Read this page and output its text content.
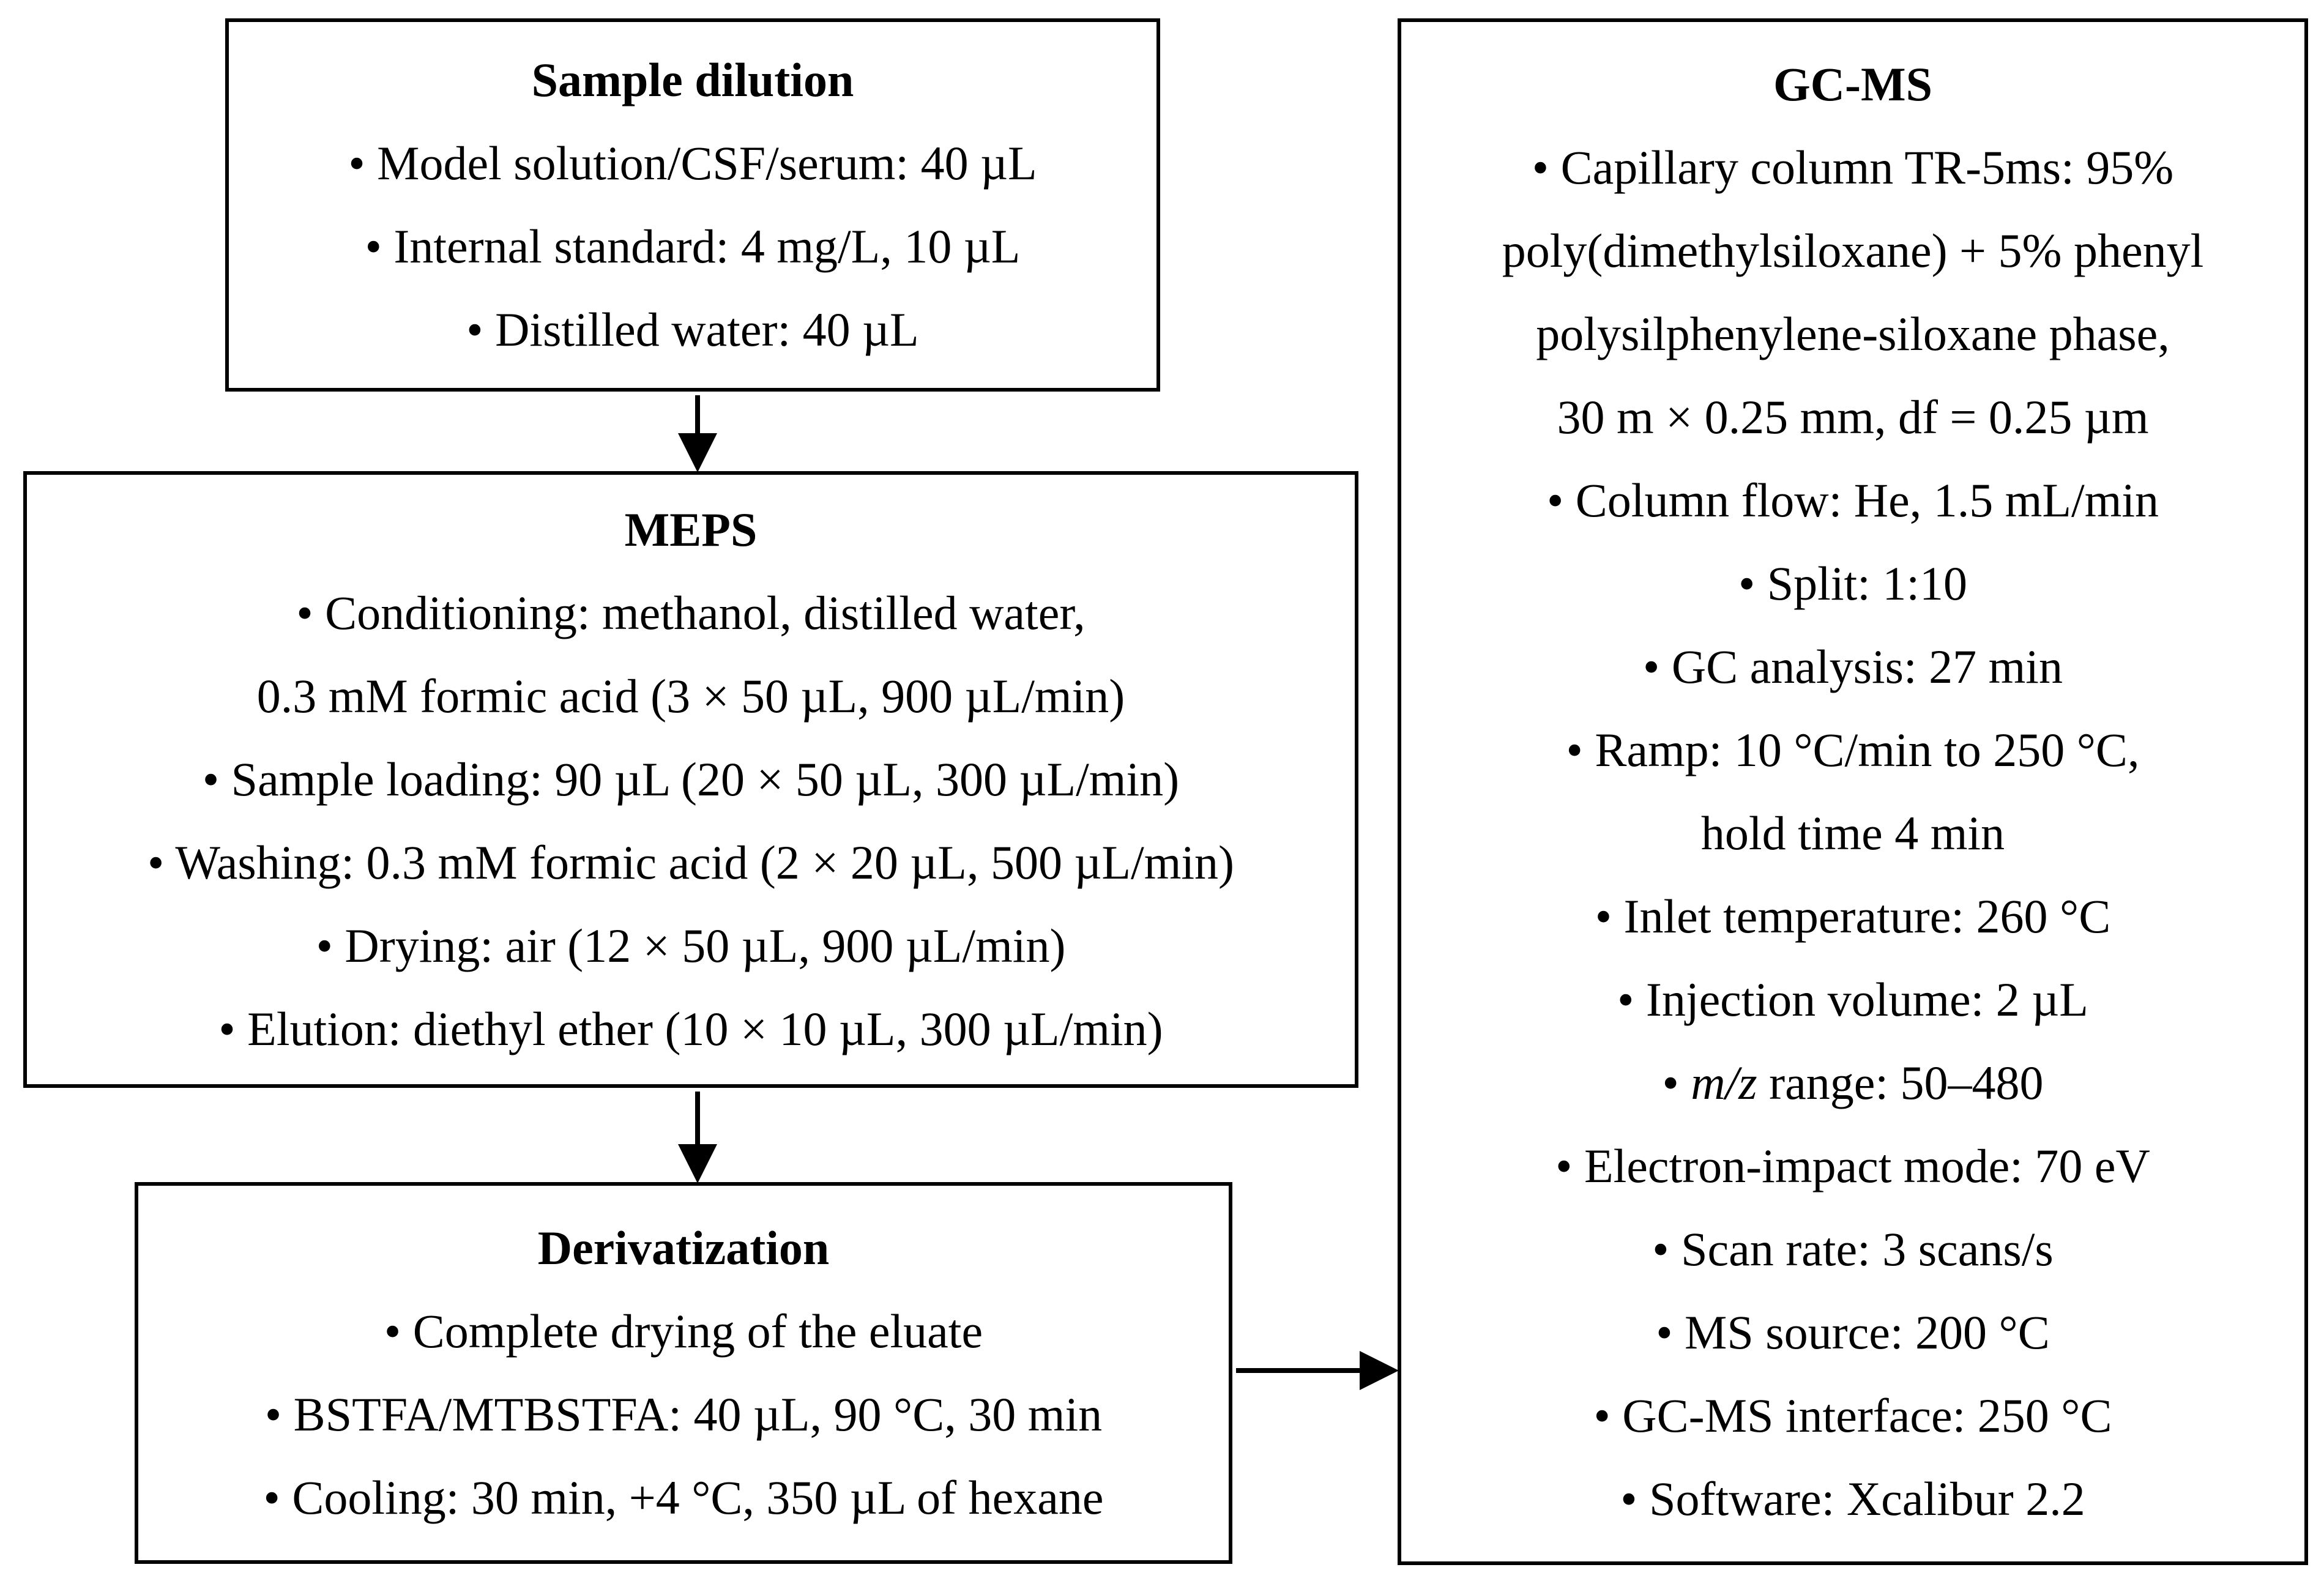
Sample dilution
• Model solution/CSF/serum: 40 µL
• Internal standard: 4 mg/L, 10 µL
• Distilled water: 40 µL
MEPS
• Conditioning: methanol, distilled water,
0.3 mM formic acid (3 × 50 µL, 900 µL/min)
• Sample loading: 90 µL (20 × 50 µL, 300 µL/min)
• Washing: 0.3 mM formic acid (2 × 20 µL, 500 µL/min)
• Drying: air (12 × 50 µL, 900 µL/min)
• Elution: diethyl ether (10 × 10 µL, 300 µL/min)
Derivatization
• Complete drying of the eluate
• BSTFA/MTBSTFA: 40 µL, 90 °C, 30 min
• Cooling: 30 min, +4 °C, 350 µL of hexane
GC-MS
• Capillary column TR-5ms: 95%
poly(dimethylsiloxane) + 5% phenyl
polysilphenylene-siloxane phase,
30 m × 0.25 mm, df = 0.25 µm
• Column flow: He, 1.5 mL/min
• Split: 1:10
• GC analysis: 27 min
• Ramp: 10 °C/min to 250 °C,
hold time 4 min
• Inlet temperature: 260 °C
• Injection volume: 2 µL
• m/z range: 50–480
• Electron-impact mode: 70 eV
• Scan rate: 3 scans/s
• MS source: 200 °C
• GC-MS interface: 250 °C
• Software: Xcalibur 2.2
